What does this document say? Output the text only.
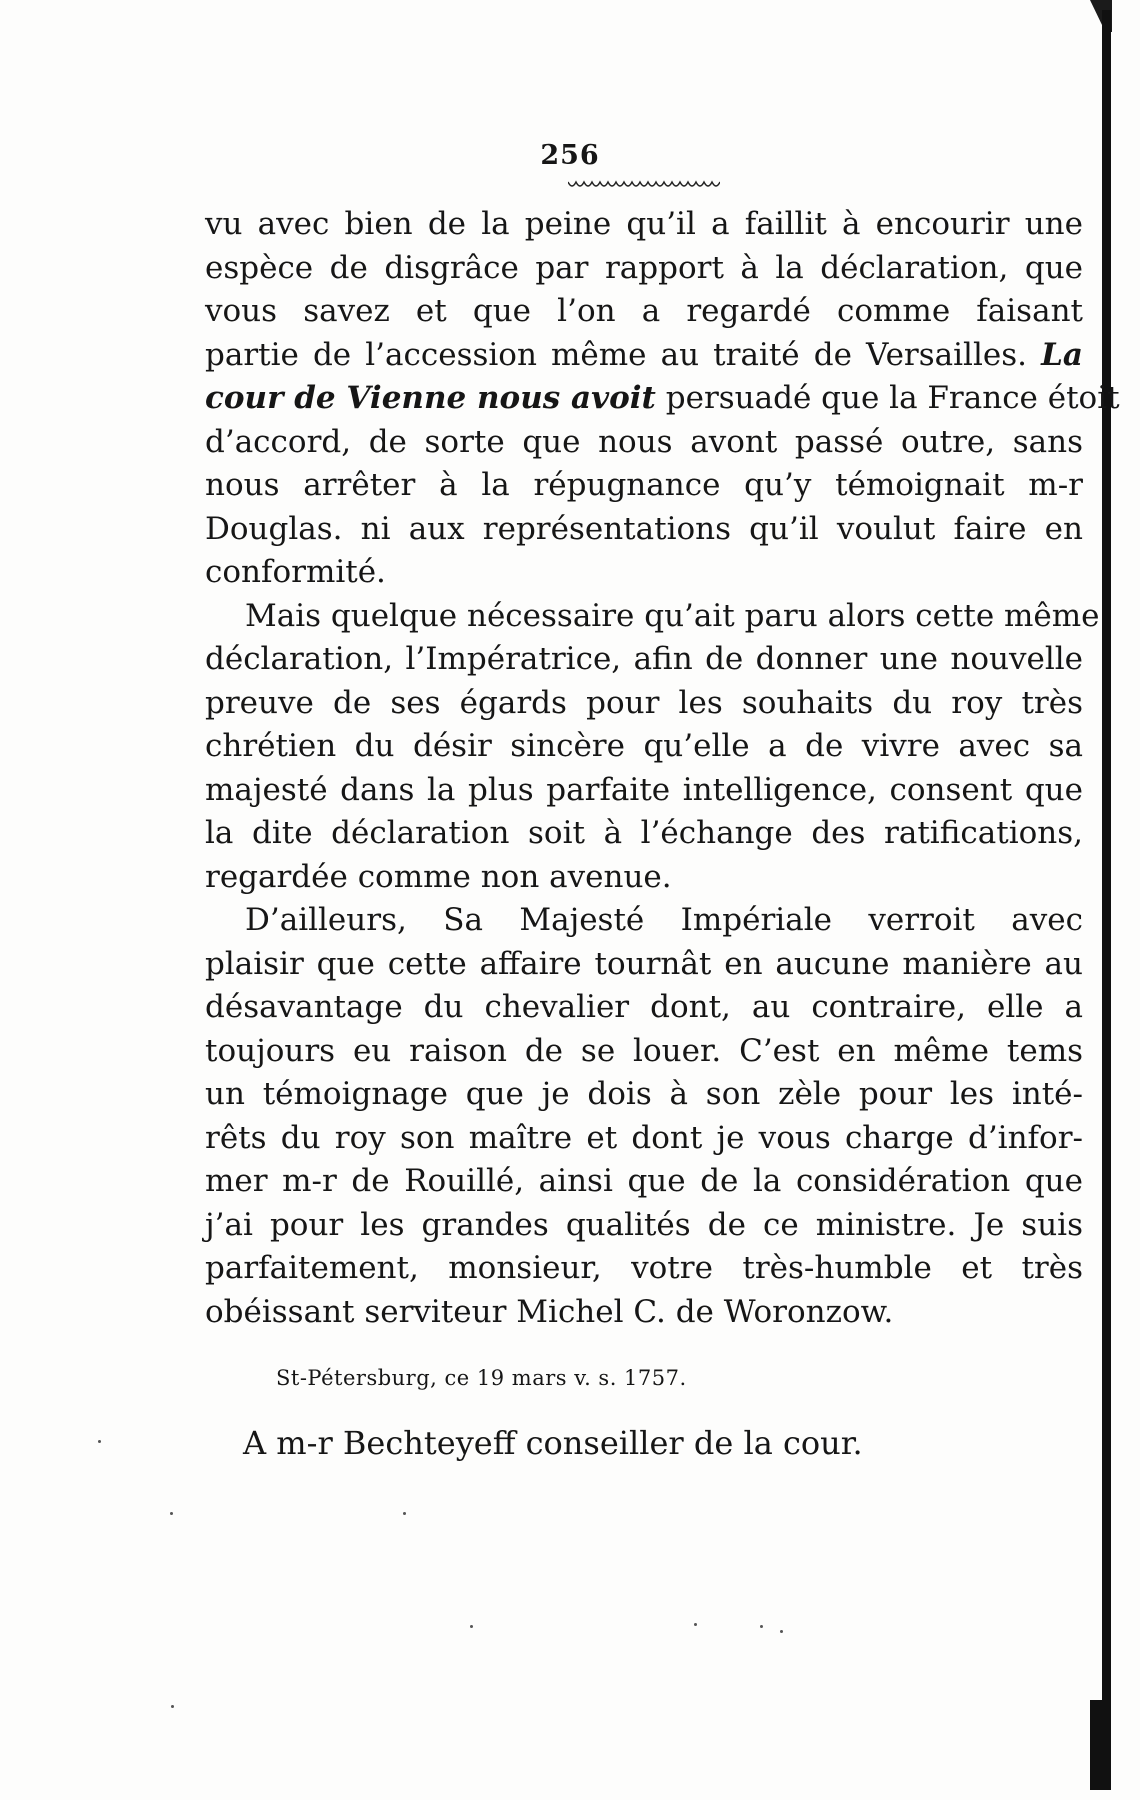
256
vu avec bien de la peine qu’il a faillit à encourir une
espèce de disgrâce par rapport à la déclaration, que
vous savez et que l’on a regardé comme faisant
partie de l’accession même au traité de Versailles. La
cour de Vienne nous avoit persuadé que la France étoit
d’accord, de sorte que nous avont passé outre, sans
nous arrêter à la répugnance qu’y témoignait m-r
Douglas. ni aux représentations qu’il voulut faire en
conformité.
Mais quelque nécessaire qu’ait paru alors cette même
déclaration, l’Impératrice, afin de donner une nouvelle
preuve de ses égards pour les souhaits du roy très
chrétien du désir sincère qu’elle a de vivre avec sa
majesté dans la plus parfaite intelligence, consent que
la dite déclaration soit à l’échange des ratifications,
regardée comme non avenue.
D’ailleurs, Sa Majesté Impériale verroit avec
plaisir que cette affaire tournât en aucune manière au
désavantage du chevalier dont, au contraire, elle a
toujours eu raison de se louer. C’est en même tems
un témoignage que je dois à son zèle pour les inté-
rêts du roy son maître et dont je vous charge d’infor-
mer m-r de Rouillé, ainsi que de la considération que
j’ai pour les grandes qualités de ce ministre. Je suis
parfaitement, monsieur, votre très-humble et très
obéissant serviteur Michel C. de Woronzow.
St-Pétersburg, ce 19 mars v. s. 1757.
A m-r Bechteyeff conseiller de la cour.
